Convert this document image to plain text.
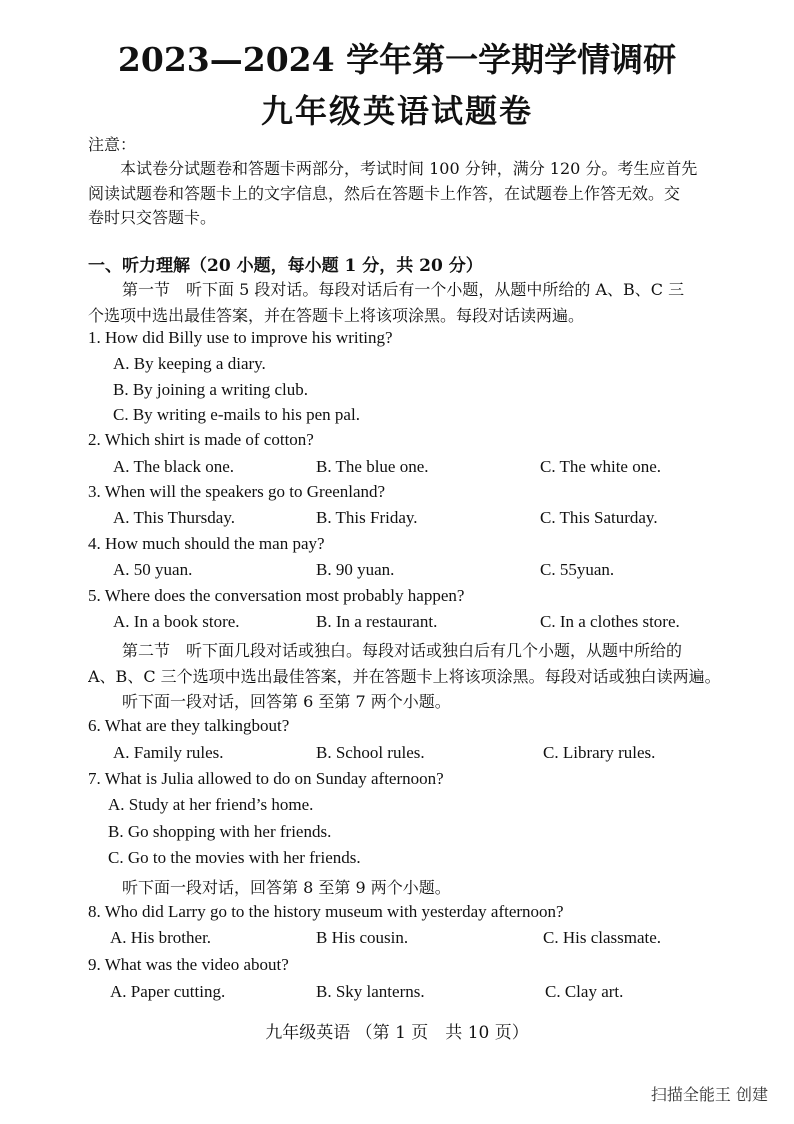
2023—2024 学年第一学期学情调研
九年级英语试题卷
注意：
本试卷分试题卷和答题卡两部分，考试时间 100 分钟，满分 120 分。考生应首先
阅读试题卷和答题卡上的文字信息，然后在答题卡上作答，在试题卷上作答无效。交
卷时只交答题卡。
一、听力理解（20 小题，每小题 1 分，共 20 分）
第一节　听下面 5 段对话。每段对话后有一个小题，从题中所给的 A、B、C 三
个选项中选出最佳答案，并在答题卡上将该项涂黑。每段对话读两遍。
1. How did Billy use to improve his writing?
A. By keeping a diary.
B. By joining a writing club.
C. By writing e-mails to his pen pal.
2. Which shirt is made of cotton?
A. The black one.	B. The blue one.	C. The white one.
3. When will the speakers go to Greenland?
A. This Thursday.	B. This Friday.	C. This Saturday.
4. How much should the man pay?
A. 50 yuan.	B. 90 yuan.	C. 55yuan.
5. Where does the conversation most probably happen?
A. In a book store.	B. In a restaurant.	C. In a clothes store.
第二节　听下面几段对话或独白。每段对话或独白后有几个小题，从题中所给的
A、B、C 三个选项中选出最佳答案，并在答题卡上将该项涂黑。每段对话或独白读两遍。
听下面一段对话，回答第 6 至第 7 两个小题。
6. What are they talkingbout?
A. Family rules.	B. School rules.	C. Library rules.
7. What is Julia allowed to do on Sunday afternoon?
A. Study at her friend’s home.
B. Go shopping with her friends.
C. Go to the movies with her friends.
听下面一段对话，回答第 8 至第 9 两个小题。
8. Who did Larry go to the history museum with yesterday afternoon?
A. His brother.	B His cousin.	C. His classmate.
9. What was the video about?
A. Paper cutting.	B. Sky lanterns.	C. Clay art.
九年级英语 （第 1 页　共 10 页）
扫描全能王 创建
